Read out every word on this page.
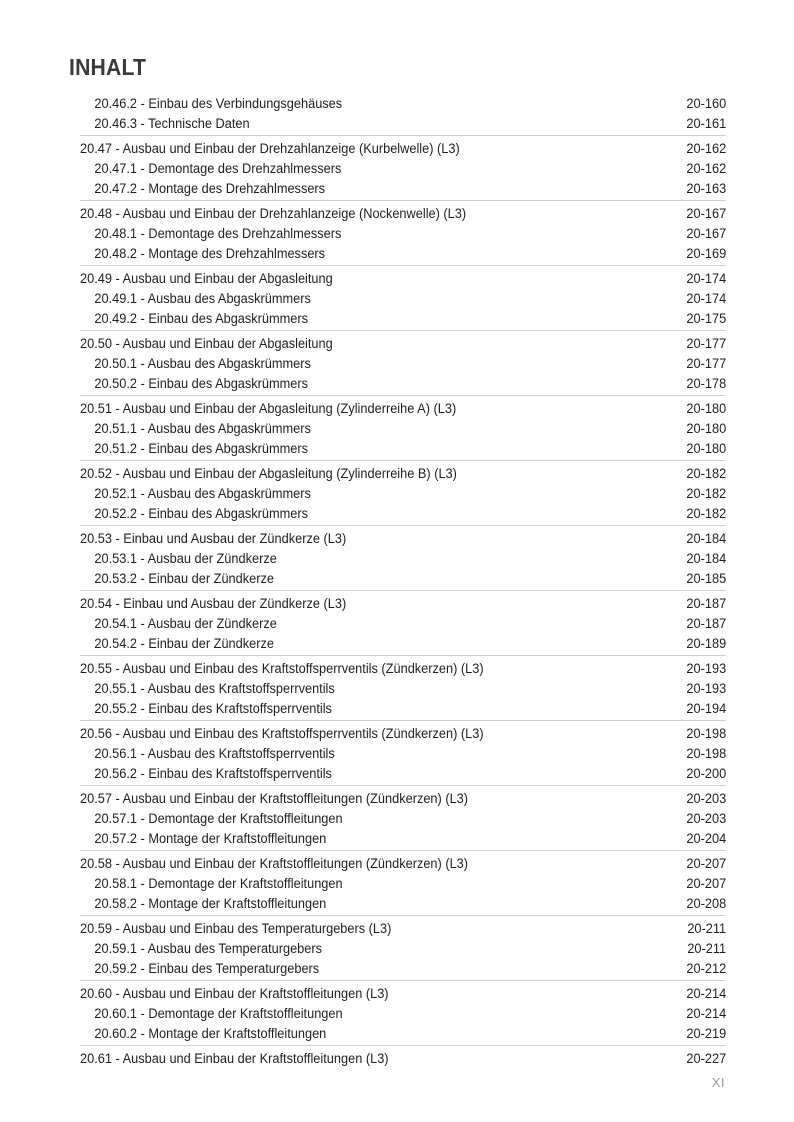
INHALT
20.46.2 - Einbau des Verbindungsgehäuses	20-160
20.46.3 - Technische Daten	20-161
20.47 - Ausbau und Einbau der Drehzahlanzeige (Kurbelwelle) (L3)	20-162
20.47.1 - Demontage des Drehzahlmessers	20-162
20.47.2 - Montage des Drehzahlmessers	20-163
20.48 - Ausbau und Einbau der Drehzahlanzeige (Nockenwelle) (L3)	20-167
20.48.1 - Demontage des Drehzahlmessers	20-167
20.48.2 - Montage des Drehzahlmessers	20-169
20.49 - Ausbau und Einbau der Abgasleitung	20-174
20.49.1 - Ausbau des Abgaskrümmers	20-174
20.49.2 - Einbau des Abgaskrümmers	20-175
20.50 - Ausbau und Einbau der Abgasleitung	20-177
20.50.1 - Ausbau des Abgaskrümmers	20-177
20.50.2 - Einbau des Abgaskrümmers	20-178
20.51 - Ausbau und Einbau der Abgasleitung (Zylinderreihe A) (L3)	20-180
20.51.1 - Ausbau des Abgaskrümmers	20-180
20.51.2 - Einbau des Abgaskrümmers	20-180
20.52 - Ausbau und Einbau der Abgasleitung (Zylinderreihe B) (L3)	20-182
20.52.1 - Ausbau des Abgaskrümmers	20-182
20.52.2 - Einbau des Abgaskrümmers	20-182
20.53 - Einbau und Ausbau der Zündkerze (L3)	20-184
20.53.1 - Ausbau der Zündkerze	20-184
20.53.2 - Einbau der Zündkerze	20-185
20.54 - Einbau und Ausbau der Zündkerze (L3)	20-187
20.54.1 - Ausbau der Zündkerze	20-187
20.54.2 - Einbau der Zündkerze	20-189
20.55 - Ausbau und Einbau des Kraftstoffsperrventils (Zündkerzen) (L3)	20-193
20.55.1 - Ausbau des Kraftstoffsperrventils	20-193
20.55.2 - Einbau des Kraftstoffsperrventils	20-194
20.56 - Ausbau und Einbau des Kraftstoffsperrventils (Zündkerzen) (L3)	20-198
20.56.1 - Ausbau des Kraftstoffsperrventils	20-198
20.56.2 - Einbau des Kraftstoffsperrventils	20-200
20.57 - Ausbau und Einbau der Kraftstoffleitungen (Zündkerzen) (L3)	20-203
20.57.1 - Demontage der Kraftstoffleitungen	20-203
20.57.2 - Montage der Kraftstoffleitungen	20-204
20.58 - Ausbau und Einbau der Kraftstoffleitungen (Zündkerzen) (L3)	20-207
20.58.1 - Demontage der Kraftstoffleitungen	20-207
20.58.2 - Montage der Kraftstoffleitungen	20-208
20.59 - Ausbau und Einbau des Temperaturgebers (L3)	20-211
20.59.1 - Ausbau des Temperaturgebers	20-211
20.59.2 - Einbau des Temperaturgebers	20-212
20.60 - Ausbau und Einbau der Kraftstoffleitungen (L3)	20-214
20.60.1 - Demontage der Kraftstoffleitungen	20-214
20.60.2 - Montage der Kraftstoffleitungen	20-219
20.61 - Ausbau und Einbau der Kraftstoffleitungen (L3)	20-227
XI
